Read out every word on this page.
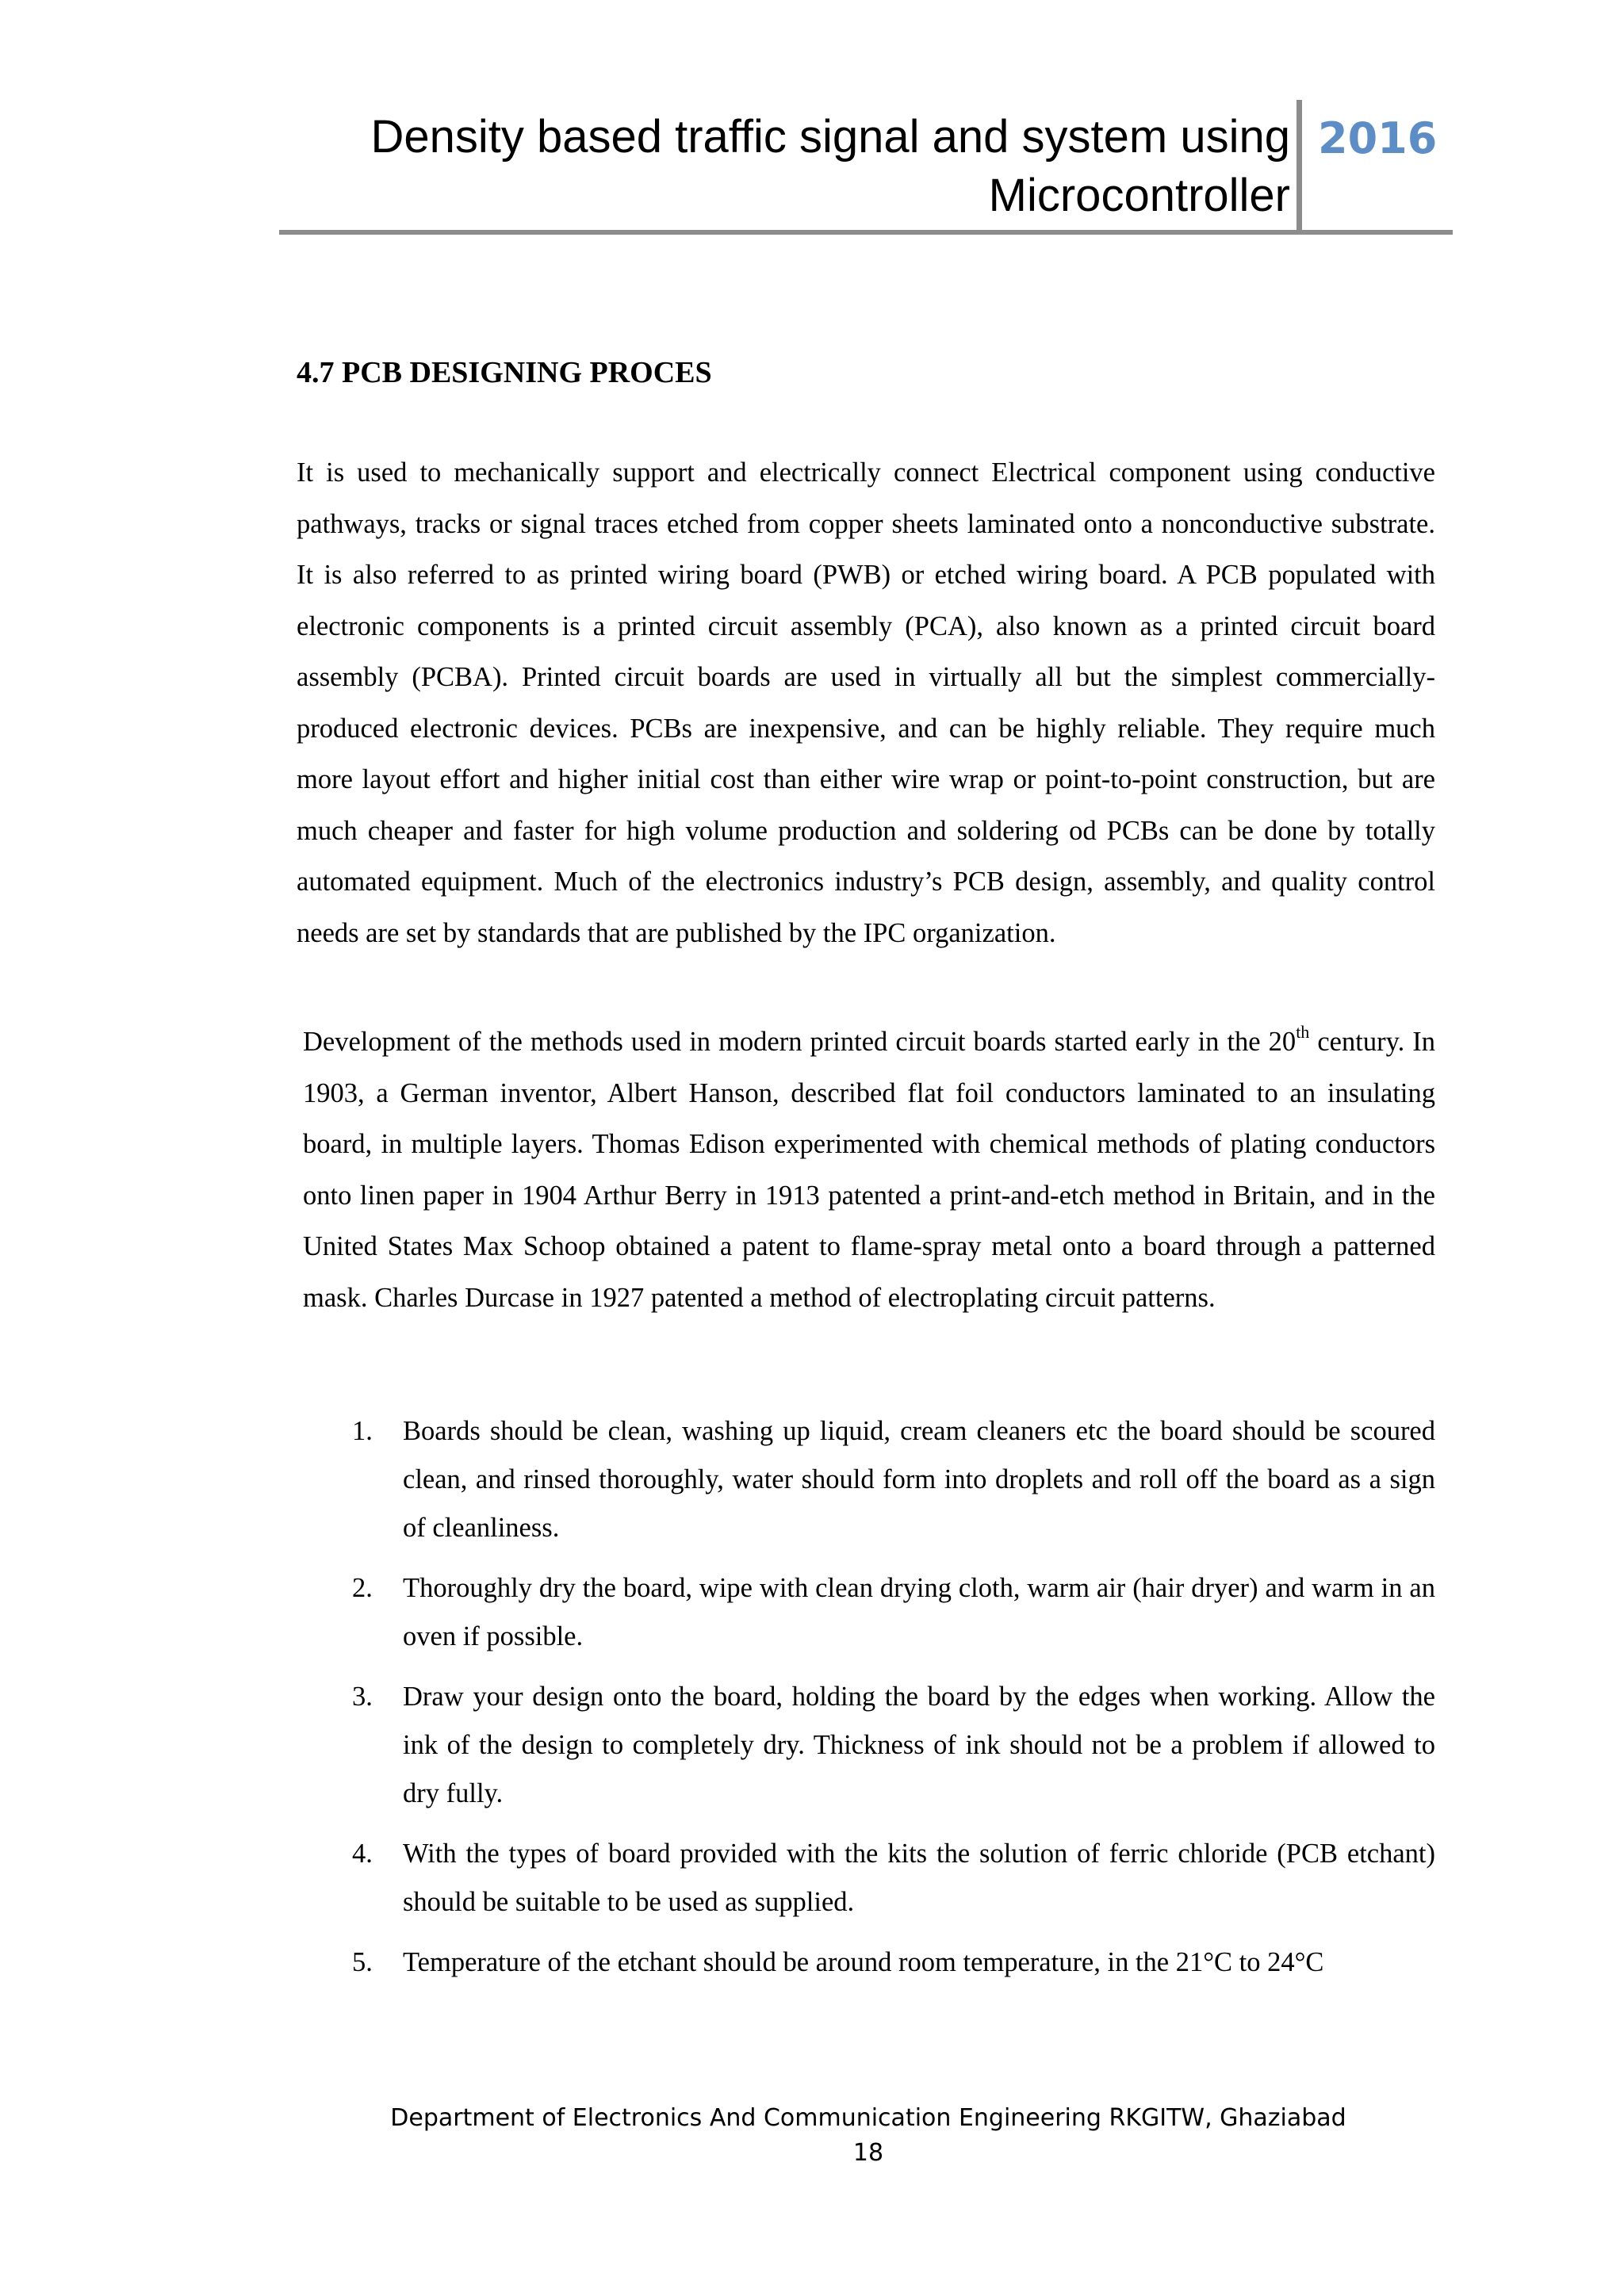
Density based traffic signal and system using Microcontroller
2016
4.7 PCB DESIGNING PROCES

It is used to mechanically support and electrically connect Electrical component using conductive pathways, tracks or signal traces etched from copper sheets laminated onto a nonconductive substrate. It is also referred to as printed wiring board (PWB) or etched wiring board. A PCB populated with electronic components is a printed circuit assembly (PCA), also known as a printed circuit board assembly (PCBA). Printed circuit boards are used in virtually all but the simplest commercially-produced electronic devices. PCBs are inexpensive, and can be highly reliable. They require much more layout effort and higher initial cost than either wire wrap or point-to-point construction, but are much cheaper and faster for high volume production and soldering od PCBs can be done by totally automated equipment. Much of the electronics industry’s PCB design, assembly, and quality control needs are set by standards that are published by the IPC organization.

Development of the methods used in modern printed circuit boards started early in the 20th century. In 1903, a German inventor, Albert Hanson, described flat foil conductors laminated to an insulating board, in multiple layers. Thomas Edison experimented with chemical methods of plating conductors onto linen paper in 1904 Arthur Berry in 1913 patented a print-and-etch method in Britain, and in the United States Max Schoop obtained a patent to flame-spray metal onto a board through a patterned mask. Charles Durcase in 1927 patented a method of electroplating circuit patterns.

1. Boards should be clean, washing up liquid, cream cleaners etc the board should be scoured clean, and rinsed thoroughly, water should form into droplets and roll off the board as a sign of cleanliness.
2. Thoroughly dry the board, wipe with clean drying cloth, warm air (hair dryer) and warm in an oven if possible.
3. Draw your design onto the board, holding the board by the edges when working. Allow the ink of the design to completely dry. Thickness of ink should not be a problem if allowed to dry fully.
4. With the types of board provided with the kits the solution of ferric chloride (PCB etchant) should be suitable to be used as supplied.
5. Temperature of the etchant should be around room temperature, in the 21°C to 24°C
Department of Electronics And Communication Engineering RKGITW, Ghaziabad
18
